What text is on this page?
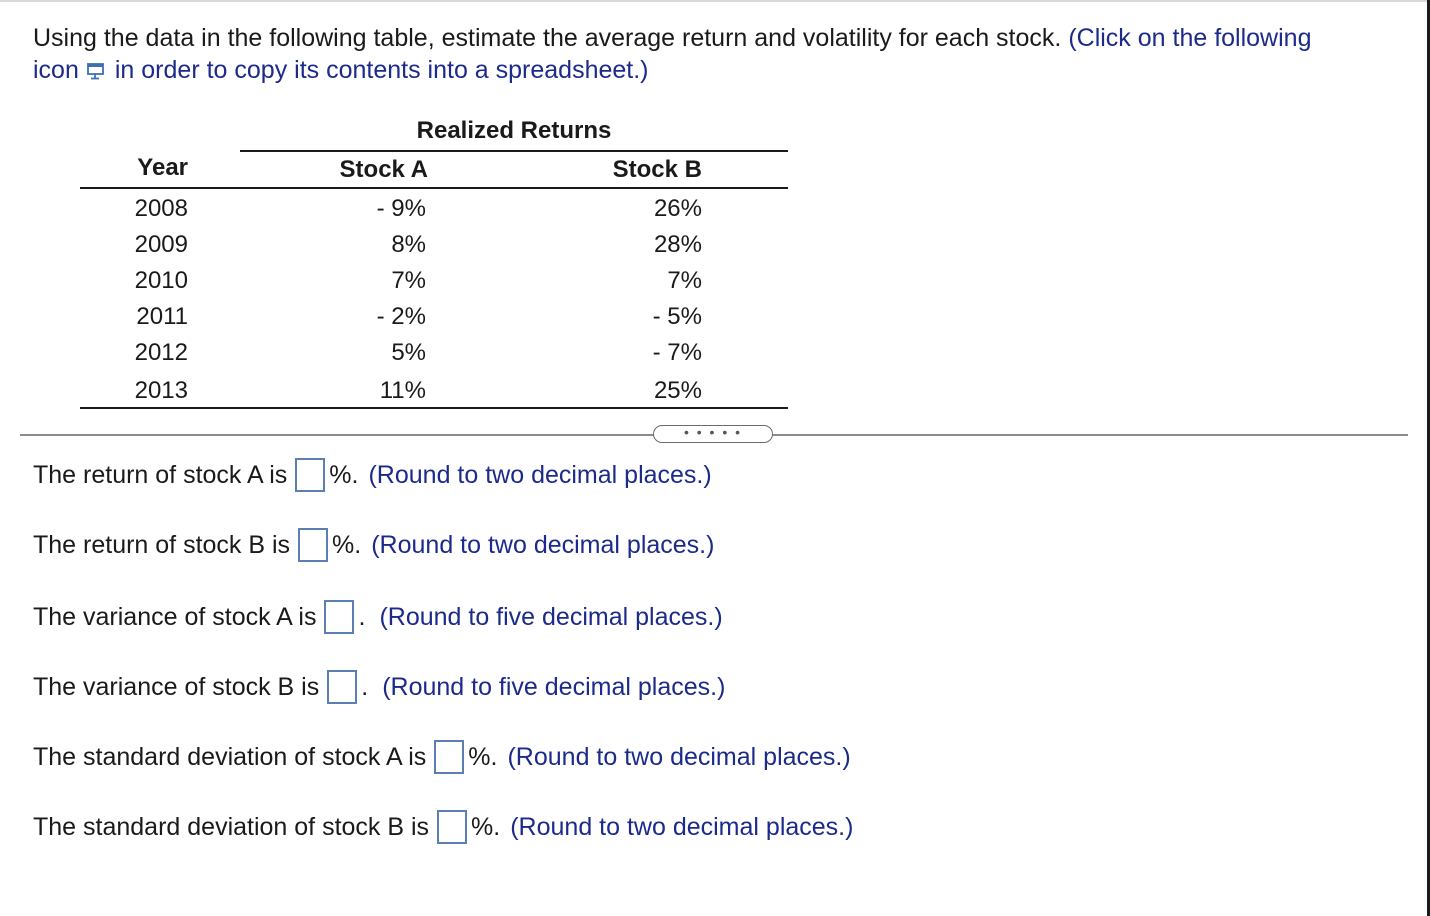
Using the data in the following table, estimate the average return and volatility for each stock. (Click on the following
icon in order to copy its contents into a spreadsheet.)
Realized Returns
Year	Stock A	Stock B
2008	- 9%	26%
2009	8%	28%
2010	7%	7%
2011	- 2%	- 5%
2012	5%	- 7%
2013	11%	25%
• • • • •
The return of stock A is %. (Round to two decimal places.)
The return of stock B is %. (Round to two decimal places.)
The variance of stock A is . (Round to five decimal places.)
The variance of stock B is . (Round to five decimal places.)
The standard deviation of stock A is %. (Round to two decimal places.)
The standard deviation of stock B is %. (Round to two decimal places.)
